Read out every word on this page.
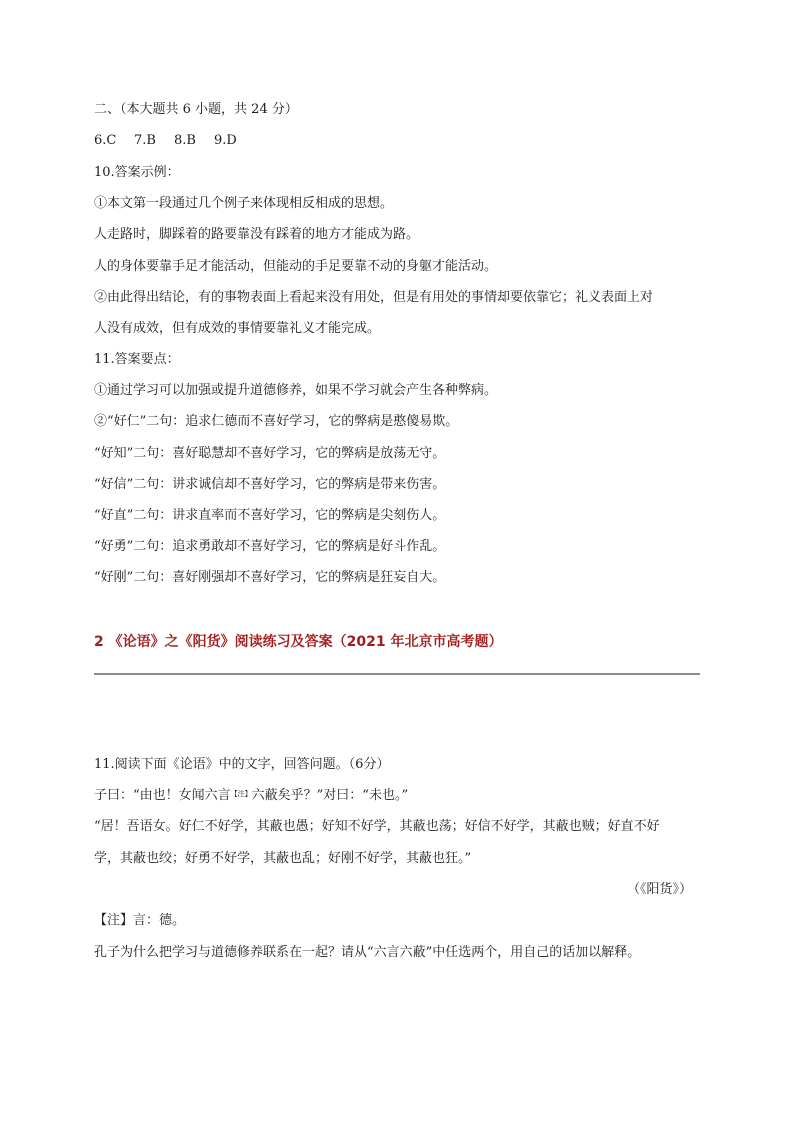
二、（本大题共 6 小题，共 24 分）
6.C 7.B 8.B 9.D
10.答案示例：
①本文第一段通过几个例子来体现相反相成的思想。
人走路时，脚踩着的路要靠没有踩着的地方才能成为路。
人的身体要靠手足才能活动，但能动的手足要靠不动的身躯才能活动。
②由此得出结论，有的事物表面上看起来没有用处，但是有用处的事情却要依靠它；礼义表面上对
人没有成效，但有成效的事情要靠礼义才能完成。
11.答案要点：
①通过学习可以加强或提升道德修养，如果不学习就会产生各种弊病。
②“好仁”二句：追求仁德而不喜好学习，它的弊病是憨傻易欺。
“好知”二句：喜好聪慧却不喜好学习，它的弊病是放荡无守。
“好信”二句：讲求诚信却不喜好学习，它的弊病是带来伤害。
“好直”二句：讲求直率而不喜好学习，它的弊病是尖刻伤人。
“好勇”二句：追求勇敢却不喜好学习，它的弊病是好斗作乱。
“好刚”二句：喜好刚强却不喜好学习，它的弊病是狂妄自大。
2 《论语》之《阳货》阅读练习及答案（2021 年北京市高考题）
11.阅读下面《论语》中的文字，回答问题。（6分）
子曰：“由也！女闻六言$^{【注】}$六蔽矣乎？”对曰：“未也。”
“居！吾语女。好仁不好学，其蔽也愚；好知不好学，其蔽也荡；好信不好学，其蔽也贼；好直不好
学，其蔽也绞；好勇不好学，其蔽也乱；好刚不好学，其蔽也狂。”
（《阳货》）
【注】言：德。
孔子为什么把学习与道德修养联系在一起？请从“六言六蔽”中任选两个，用自己的话加以解释。
